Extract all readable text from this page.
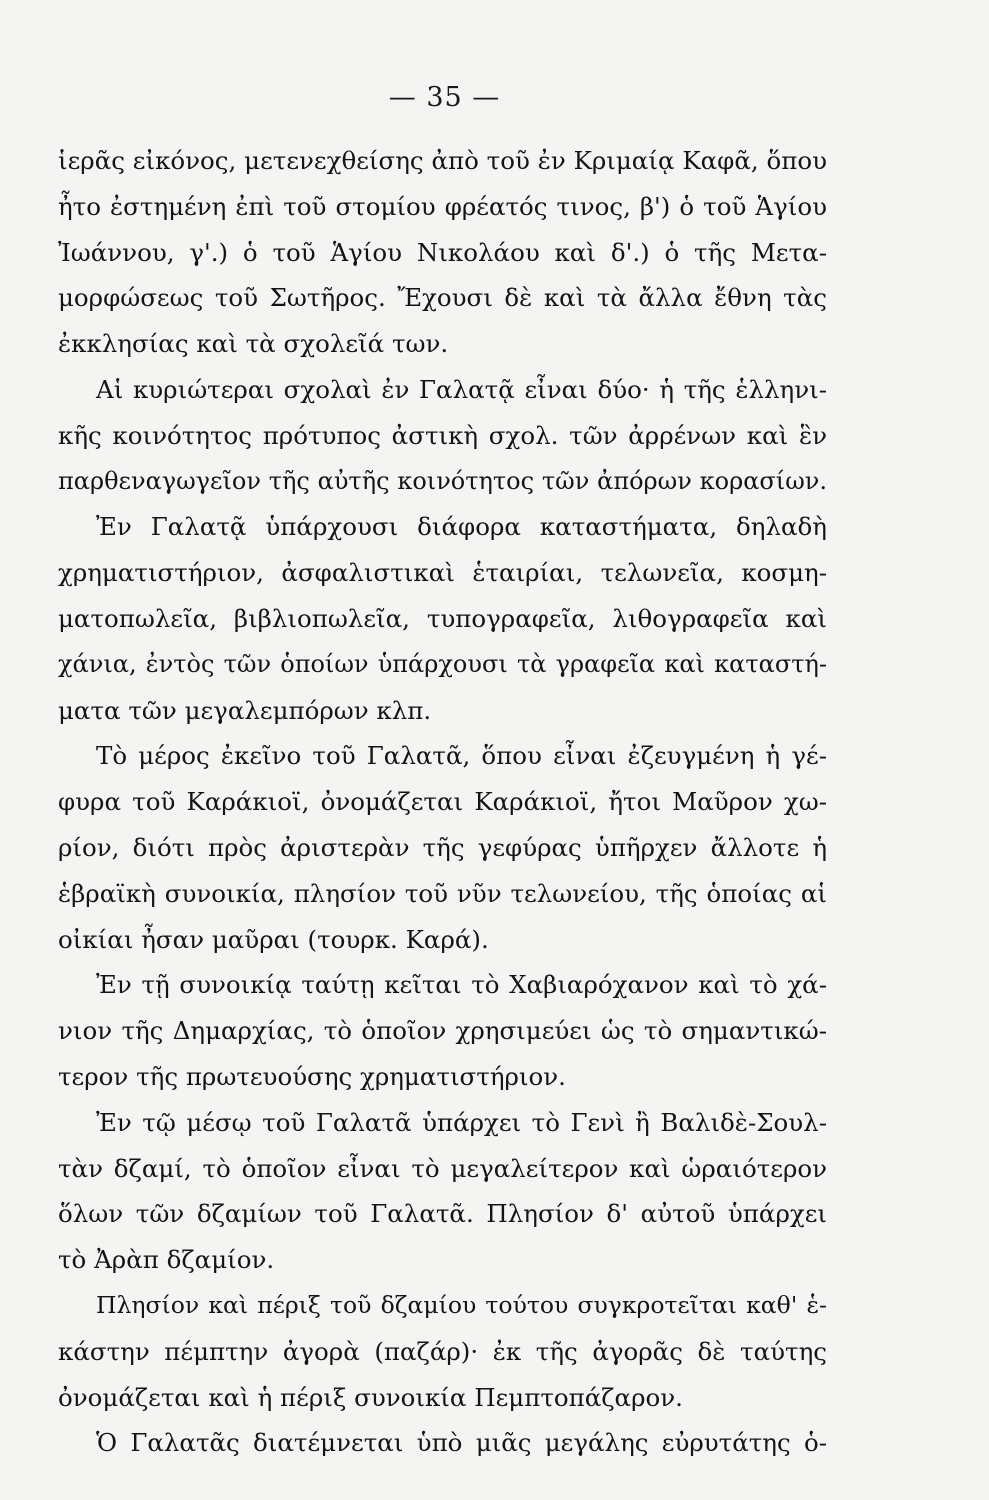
— 35 —
ἱερᾶς εἰκόνος, μετενεχθείσης ἀπὸ τοῦ ἐν Κριμαίᾳ Καφᾶ, ὅπου
ἦτο ἐστημένη ἐπὶ τοῦ στομίου φρέατός τινος, β') ὁ τοῦ Ἁγίου
Ἰωάννου, γ'.) ὁ τοῦ Ἁγίου Νικολάου καὶ δ'.) ὁ τῆς Μετα-
μορφώσεως τοῦ Σωτῆρος. Ἔχουσι δὲ καὶ τὰ ἄλλα ἔθνη τὰς
ἐκκλησίας καὶ τὰ σχολεῖά των.
Αἱ κυριώτεραι σχολαὶ ἐν Γαλατᾷ εἶναι δύο· ἡ τῆς ἑλληνι-
κῆς κοινότητος πρότυπος ἀστικὴ σχολ. τῶν ἀρρένων καὶ ἓν
παρθεναγωγεῖον τῆς αὐτῆς κοινότητος τῶν ἀπόρων κορασίων.
Ἐν Γαλατᾷ ὑπάρχουσι διάφορα καταστήματα, δηλαδὴ
χρηματιστήριον, ἀσφαλιστικαὶ ἑταιρίαι, τελωνεῖα, κοσμη-
ματοπωλεῖα, βιβλιοπωλεῖα, τυπογραφεῖα, λιθογραφεῖα καὶ
χάνια, ἐντὸς τῶν ὁποίων ὑπάρχουσι τὰ γραφεῖα καὶ καταστή-
ματα τῶν μεγαλεμπόρων κλπ.
Τὸ μέρος ἐκεῖνο τοῦ Γαλατᾶ, ὅπου εἶναι ἐζευγμένη ἡ γέ-
φυρα τοῦ Καράκιοϊ, ὀνομάζεται Καράκιοϊ, ἤτοι Μαῦρον χω-
ρίον, διότι πρὸς ἀριστερὰν τῆς γεφύρας ὑπῆρχεν ἄλλοτε ἡ
ἑβραϊκὴ συνοικία, πλησίον τοῦ νῦν τελωνείου, τῆς ὁποίας αἱ
οἰκίαι ἦσαν μαῦραι (τουρκ. Καρά).
Ἐν τῇ συνοικίᾳ ταύτῃ κεῖται τὸ Χαβιαρόχανον καὶ τὸ χά-
νιον τῆς Δημαρχίας, τὸ ὁποῖον χρησιμεύει ὡς τὸ σημαντικώ-
τερον τῆς πρωτευούσης χρηματιστήριον.
Ἐν τῷ μέσῳ τοῦ Γαλατᾶ ὑπάρχει τὸ Γενὶ ἢ Βαλιδὲ-Σουλ-
τὰν δζαμί, τὸ ὁποῖον εἶναι τὸ μεγαλείτερον καὶ ὡραιότερον
ὅλων τῶν δζαμίων τοῦ Γαλατᾶ. Πλησίον δ' αὐτοῦ ὑπάρχει
τὸ Ἀρὰπ δζαμίον.
Πλησίον καὶ πέριξ τοῦ δζαμίου τούτου συγκροτεῖται καθ' ἑ-
κάστην πέμπτην ἀγορὰ (παζάρ)· ἐκ τῆς ἀγορᾶς δὲ ταύτης
ὀνομάζεται καὶ ἡ πέριξ συνοικία Πεμπτοπάζαρον.
Ὁ Γαλατᾶς διατέμνεται ὑπὸ μιᾶς μεγάλης εὐρυτάτης ὁ-
